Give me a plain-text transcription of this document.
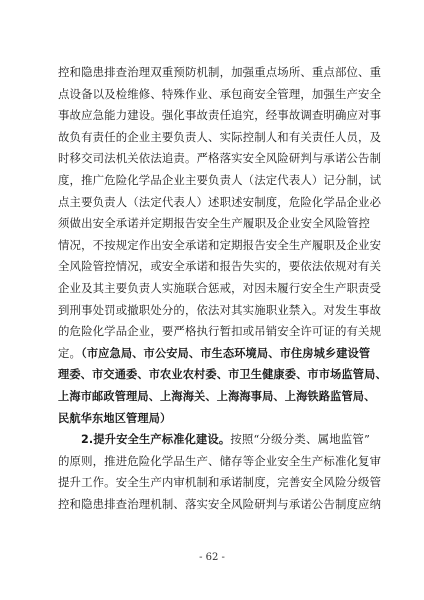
控和隐患排查治理双重预防机制，加强重点场所、重点部位、重
点设备以及检维修、特殊作业、承包商安全管理，加强生产安全
事故应急能力建设。强化事故责任追究，经事故调查明确应对事
故负有责任的企业主要负责人、实际控制人和有关责任人员，及
时移交司法机关依法追责。严格落实安全风险研判与承诺公告制
度，推广危险化学品企业主要负责人（法定代表人）记分制，试
点主要负责人（法定代表人）述职述安制度，危险化学品企业必
须做出安全承诺并定期报告安全生产履职及企业安全风险管控
情况，不按规定作出安全承诺和定期报告安全生产履职及企业安
全风险管控情况，或安全承诺和报告失实的，要依法依规对有关
企业及其主要负责人实施联合惩戒，对因未履行安全生产职责受
到刑事处罚或撤职处分的，依法对其实施职业禁入。对发生事故
的危险化学品企业，要严格执行暂扣或吊销安全许可证的有关规
定。（市应急局、市公安局、市生态环境局、市住房城乡建设管
理委、市交通委、市农业农村委、市卫生健康委、市市场监管局、
上海市邮政管理局、上海海关、上海海事局、上海铁路监管局、
民航华东地区管理局）
2.提升安全生产标准化建设。按照“分级分类、属地监管”
的原则，推进危险化学品生产、储存等企业安全生产标准化复审
提升工作。安全生产内审机制和承诺制度，完善安全风险分级管
控和隐患排查治理机制、落实安全风险研判与承诺公告制度应纳
- 62 -
